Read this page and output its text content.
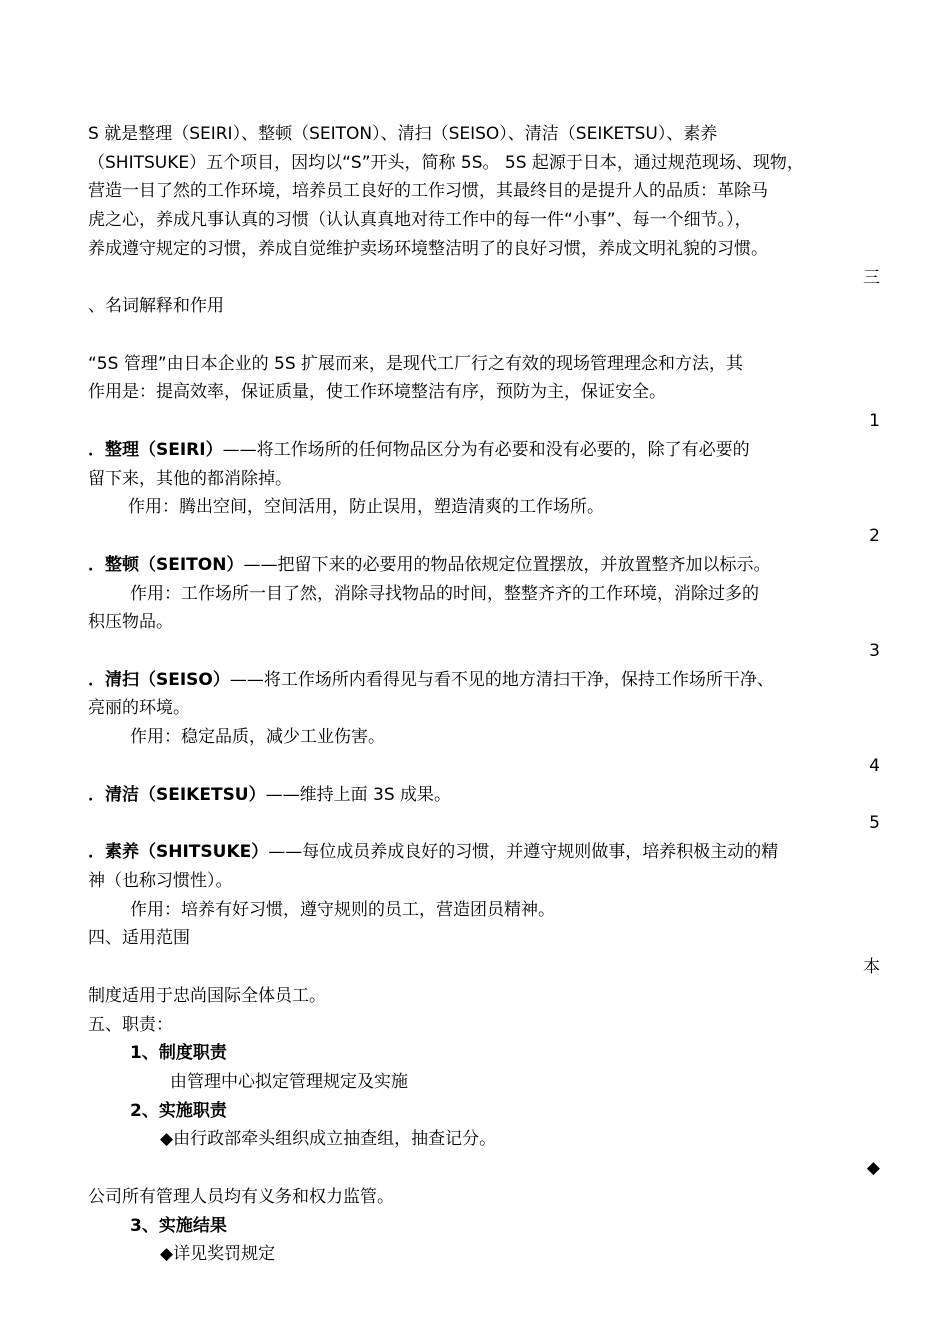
S 就是整理（SEIRI）、整顿（SEITON）、清扫（SEISO）、清洁（SEIKETSU）、素养
（SHITSUKE）五个项目，因均以“S”开头，简称 5S。 5S 起源于日本，通过规范现场、现物，
营造一目了然的工作环境，培养员工良好的工作习惯，其最终目的是提升人的品质：革除马
虎之心，养成凡事认真的习惯（认认真真地对待工作中的每一件“小事”、每一个细节。），
养成遵守规定的习惯，养成自觉维护卖场环境整洁明了的良好习惯，养成文明礼貌的习惯。
三
、名词解释和作用
“5S 管理”由日本企业的 5S 扩展而来，是现代工厂行之有效的现场管理理念和方法，其
作用是：提高效率，保证质量，使工作环境整洁有序，预防为主，保证安全。
1
．整理（SEIRI）——将工作场所的任何物品区分为有必要和没有必要的，除了有必要的
留下来，其他的都消除掉。
作用：腾出空间，空间活用，防止误用，塑造清爽的工作场所。
2
．整顿（SEITON）——把留下来的必要用的物品依规定位置摆放，并放置整齐加以标示。
作用：工作场所一目了然，消除寻找物品的时间，整整齐齐的工作环境，消除过多的
积压物品。
3
．清扫（SEISO）——将工作场所内看得见与看不见的地方清扫干净，保持工作场所干净、
亮丽的环境。
作用：稳定品质，减少工业伤害。
4
．清洁（SEIKETSU）——维持上面 3S 成果。
5
．素养（SHITSUKE）——每位成员养成良好的习惯，并遵守规则做事，培养积极主动的精
神（也称习惯性）。
作用：培养有好习惯，遵守规则的员工，营造团员精神。
四、适用范围
本
制度适用于忠尚国际全体员工。
五、职责：
1、制度职责
由管理中心拟定管理规定及实施
2、实施职责
◆由行政部牵头组织成立抽查组，抽查记分。
◆
公司所有管理人员均有义务和权力监管。
3、实施结果
◆详见奖罚规定
